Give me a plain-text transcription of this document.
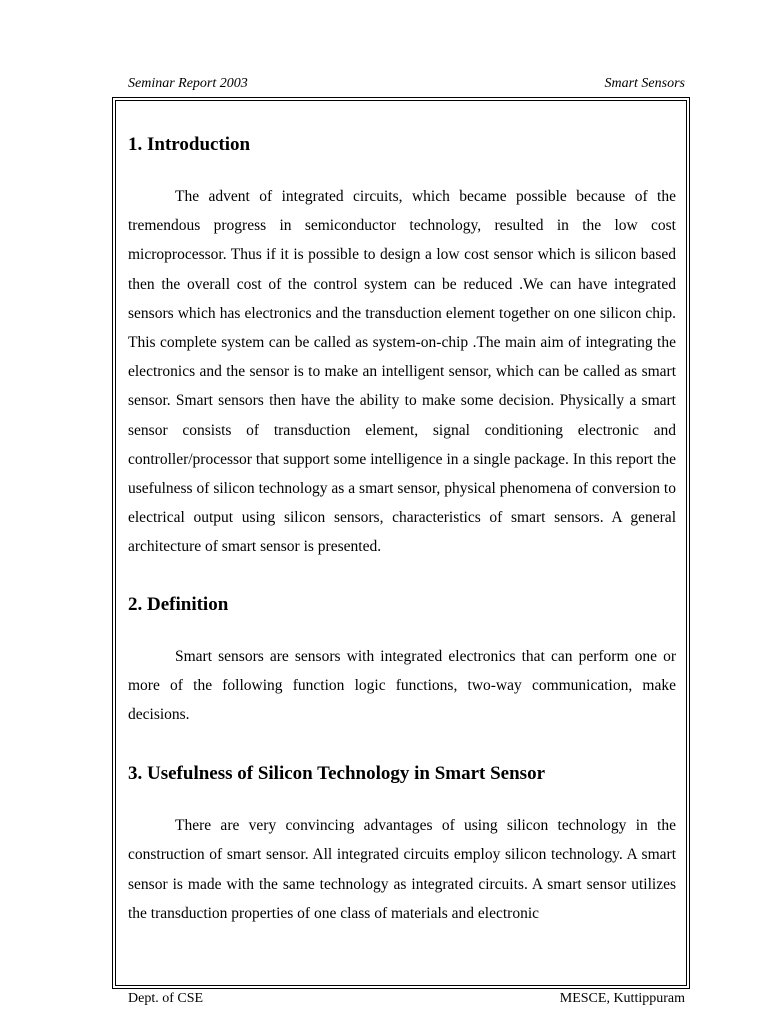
Seminar Report 2003	Smart Sensors
1. Introduction

The advent of integrated circuits, which became possible because of the tremendous progress in semiconductor technology, resulted in the low cost microprocessor. Thus if it is possible to design a low cost sensor which is silicon based then the overall cost of the control system can be reduced .We can have integrated sensors which has electronics and the transduction element together on one silicon chip. This complete system can be called as system-on-chip .The main aim of integrating the electronics and the sensor is to make an intelligent sensor, which can be called as smart sensor. Smart sensors then have the ability to make some decision. Physically a smart sensor consists of transduction element, signal conditioning electronic and controller/processor that support some intelligence in a single package. In this report the usefulness of silicon technology as a smart sensor, physical phenomena of conversion to electrical output using silicon sensors, characteristics of smart sensors. A general architecture of smart sensor is presented.

2. Definition

Smart sensors are sensors with integrated electronics that can perform one or more of the following function logic functions, two-way communication, make decisions.

3. Usefulness of Silicon Technology in Smart Sensor

There are very convincing advantages of using silicon technology in the construction of smart sensor. All integrated circuits employ silicon technology. A smart sensor is made with the same technology as integrated circuits. A smart sensor utilizes the transduction properties of one class of materials and electronic

Dept. of CSE	MESCE, Kuttippuram
